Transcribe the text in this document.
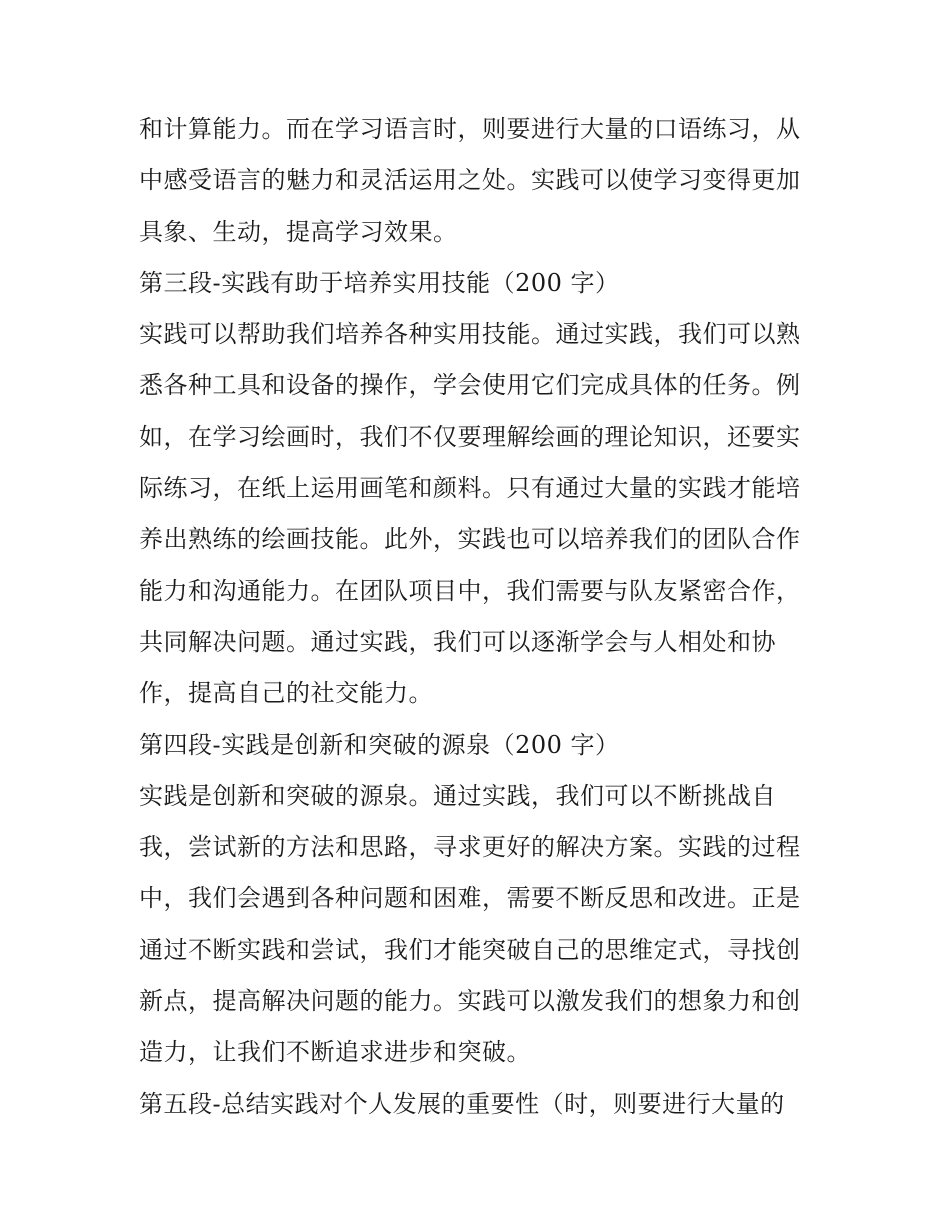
和计算能力。而在学习语言时，则要进行大量的口语练习，从
中感受语言的魅力和灵活运用之处。实践可以使学习变得更加
具象、生动，提高学习效果。
第三段-实践有助于培养实用技能（200 字）
实践可以帮助我们培养各种实用技能。通过实践，我们可以熟
悉各种工具和设备的操作，学会使用它们完成具体的任务。例
如，在学习绘画时，我们不仅要理解绘画的理论知识，还要实
际练习，在纸上运用画笔和颜料。只有通过大量的实践才能培
养出熟练的绘画技能。此外，实践也可以培养我们的团队合作
能力和沟通能力。在团队项目中，我们需要与队友紧密合作，
共同解决问题。通过实践，我们可以逐渐学会与人相处和协
作，提高自己的社交能力。
第四段-实践是创新和突破的源泉（200 字）
实践是创新和突破的源泉。通过实践，我们可以不断挑战自
我，尝试新的方法和思路，寻求更好的解决方案。实践的过程
中，我们会遇到各种问题和困难，需要不断反思和改进。正是
通过不断实践和尝试，我们才能突破自己的思维定式，寻找创
新点，提高解决问题的能力。实践可以激发我们的想象力和创
造力，让我们不断追求进步和突破。
第五段-总结实践对个人发展的重要性（时，则要进行大量的
